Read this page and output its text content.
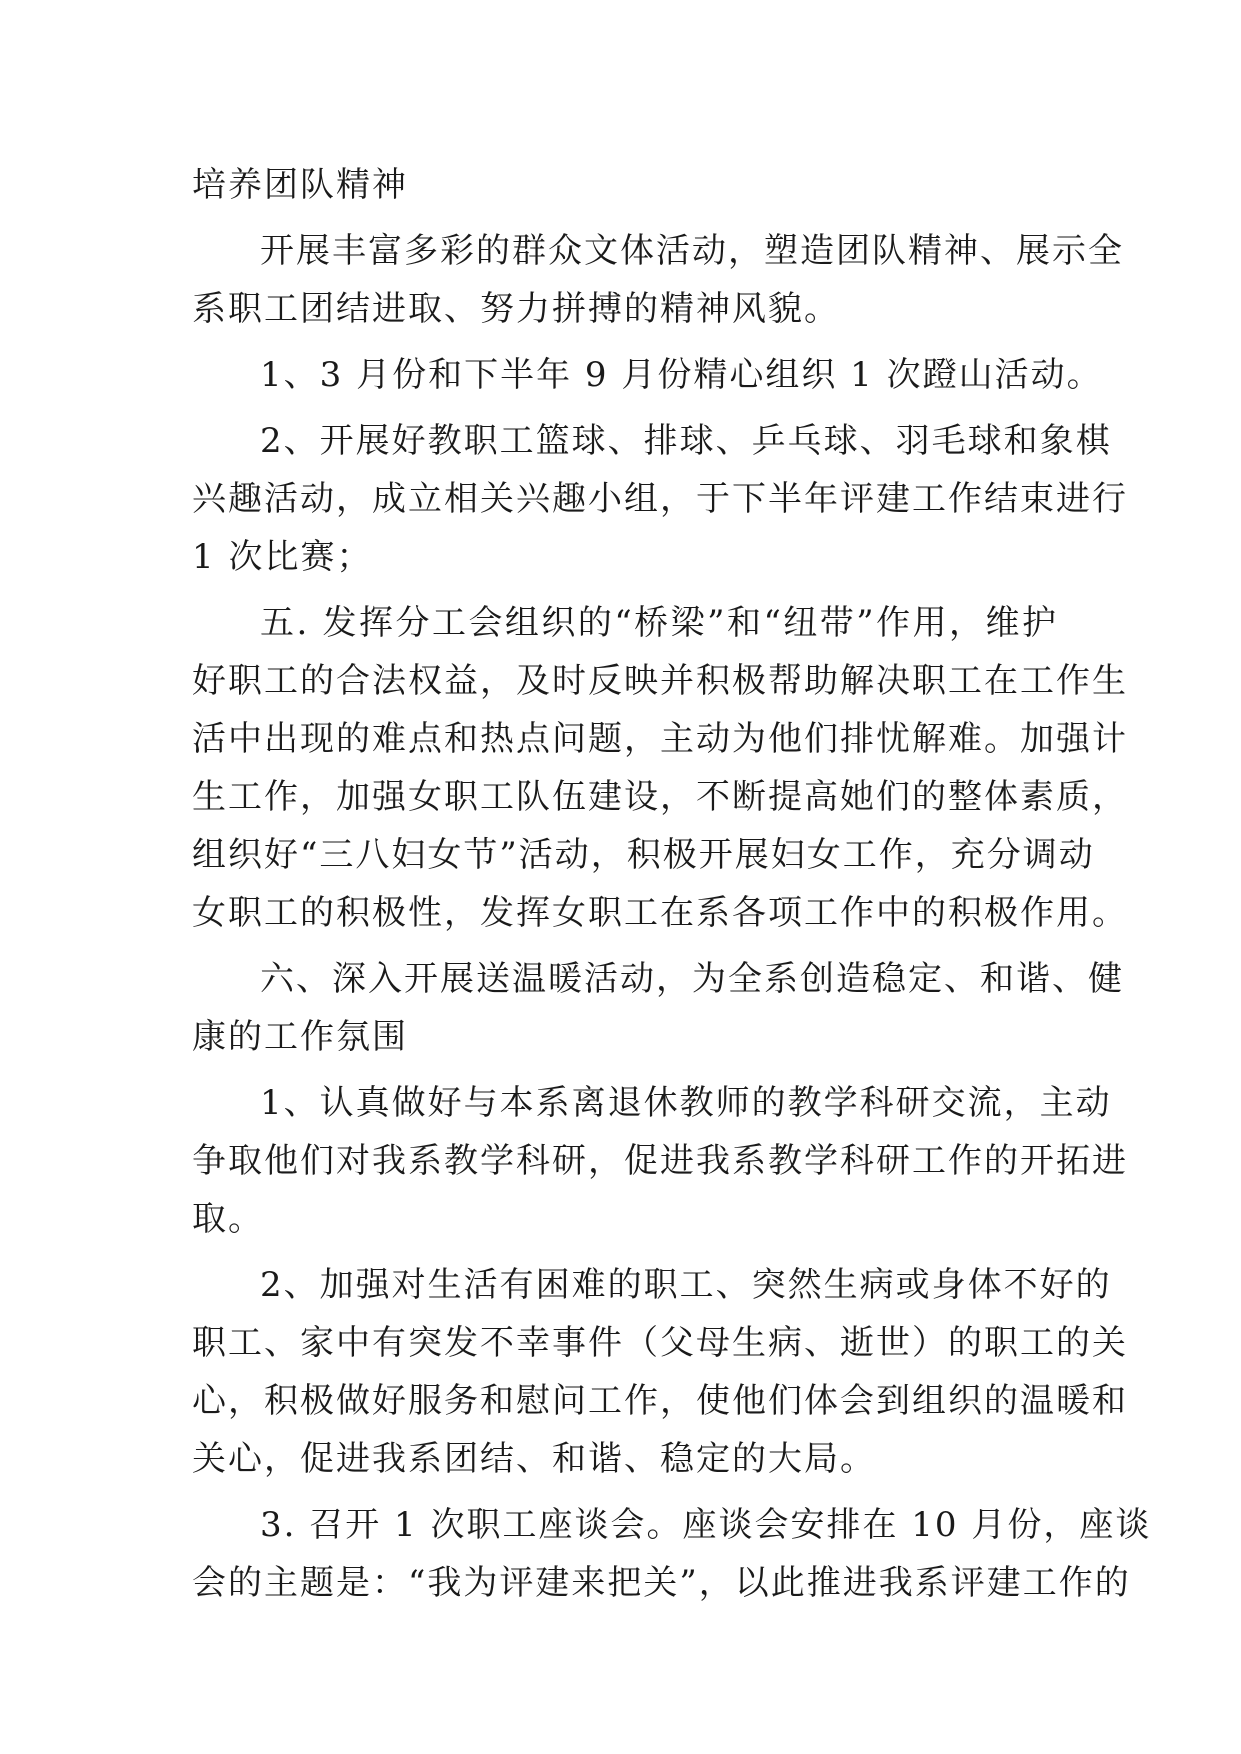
培养团队精神
开展丰富多彩的群众文体活动，塑造团队精神、展示全
系职工团结进取、努力拼搏的精神风貌。
1、3 月份和下半年 9 月份精心组织 1 次蹬山活动。
2、开展好教职工篮球、排球、乒乓球、羽毛球和象棋
兴趣活动，成立相关兴趣小组，于下半年评建工作结束进行
1 次比赛；
五. 发挥分工会组织的“桥梁”和“纽带”作用，维护
好职工的合法权益，及时反映并积极帮助解决职工在工作生
活中出现的难点和热点问题，主动为他们排忧解难。加强计
生工作，加强女职工队伍建设，不断提高她们的整体素质，
组织好“三八妇女节”活动，积极开展妇女工作，充分调动
女职工的积极性，发挥女职工在系各项工作中的积极作用。
六、深入开展送温暖活动，为全系创造稳定、和谐、健
康的工作氛围
1、认真做好与本系离退休教师的教学科研交流，主动
争取他们对我系教学科研，促进我系教学科研工作的开拓进
取。
2、加强对生活有困难的职工、突然生病或身体不好的
职工、家中有突发不幸事件（父母生病、逝世）的职工的关
心，积极做好服务和慰问工作，使他们体会到组织的温暖和
关心，促进我系团结、和谐、稳定的大局。
3. 召开 1 次职工座谈会。座谈会安排在 10 月份，座谈
会的主题是：“我为评建来把关”，以此推进我系评建工作的
